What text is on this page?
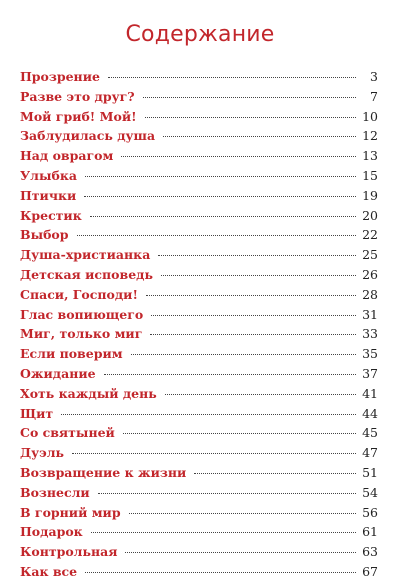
Содержание
Прозрение	3
Разве это друг?	7
Мой гриб! Мой!	10
Заблудилась душа	12
Над оврагом	13
Улыбка	15
Птички	19
Крестик	20
Выбор	22
Душа-христианка	25
Детская исповедь	26
Спаси, Господи!	28
Глас вопиющего	31
Миг, только миг	33
Если поверим	35
Ожидание	37
Хоть каждый день	41
Щит	44
Со святыней	45
Дуэль	47
Возвращение к жизни	51
Вознесли	54
В горний мир	56
Подарок	61
Контрольная	63
Как все	67
